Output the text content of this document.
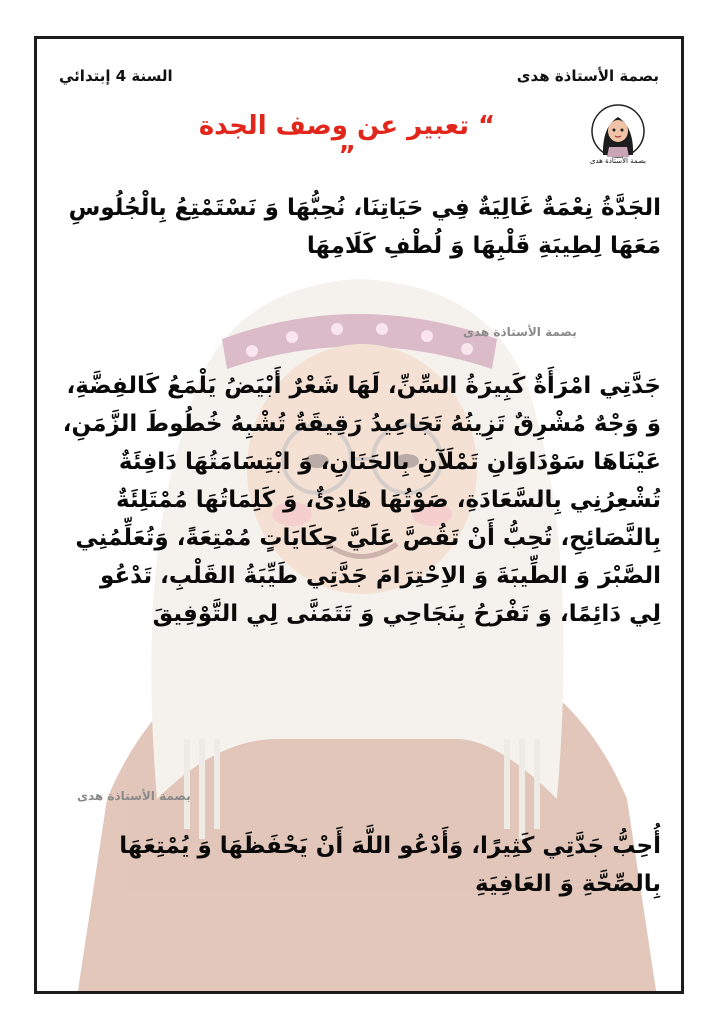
السنة 4 إبتدائي	بصمة الأستاذة هدى
بصمة الأستاذة هدى
“ تعبير عن وصف الجدة ”
الجَدَّةُ نِعْمَةٌ غَالِيَةٌ فِي حَيَاتِنَا، نُحِبُّهَا وَ نَسْتَمْتِعُ بِالْجُلُوسِ مَعَهَا لِطِيبَةِ قَلْبِهَا وَ لُطْفِ كَلَامِهَا
بصمة الأستاذة هدى
جَدَّتِي امْرَأَةٌ كَبِيرَةُ السِّنِّ، لَهَا شَعْرٌ أَبْيَضُ يَلْمَعُ كَالفِضَّةِ، وَ وَجْهٌ مُشْرِقٌ تَزِينُهُ تَجَاعِيدُ رَقِيقَةٌ تُشْبِهُ خُطُوطَ الزَّمَنِ، عَيْنَاهَا سَوْدَاوَانِ تَمْلَآنِ بِالحَنَانِ، وَ ابْتِسَامَتُهَا دَافِئَةٌ تُشْعِرُنِي بِالسَّعَادَةِ، صَوْتُهَا هَادِئٌ، وَ كَلِمَاتُهَا مُمْتَلِئَةٌ بِالنَّصَائِحِ، تُحِبُّ أَنْ تَقُصَّ عَلَيَّ حِكَايَاتٍ مُمْتِعَةً، وَتُعَلِّمُنِي الصَّبْرَ وَ الطِّيبَةَ وَ الاِحْتِرَامَ جَدَّتِي طَيِّبَةُ القَلْبِ، تَدْعُو لِي دَائِمًا، وَ تَفْرَحُ بِنَجَاحِي وَ تَتَمَنَّى لِي التَّوْفِيقَ
بصمة الأستاذة هدى
أُحِبُّ جَدَّتِي كَثِيرًا، وَأَدْعُو اللَّهَ أَنْ يَحْفَظَهَا وَ يُمْتِعَهَا بِالصِّحَّةِ وَ العَافِيَةِ
